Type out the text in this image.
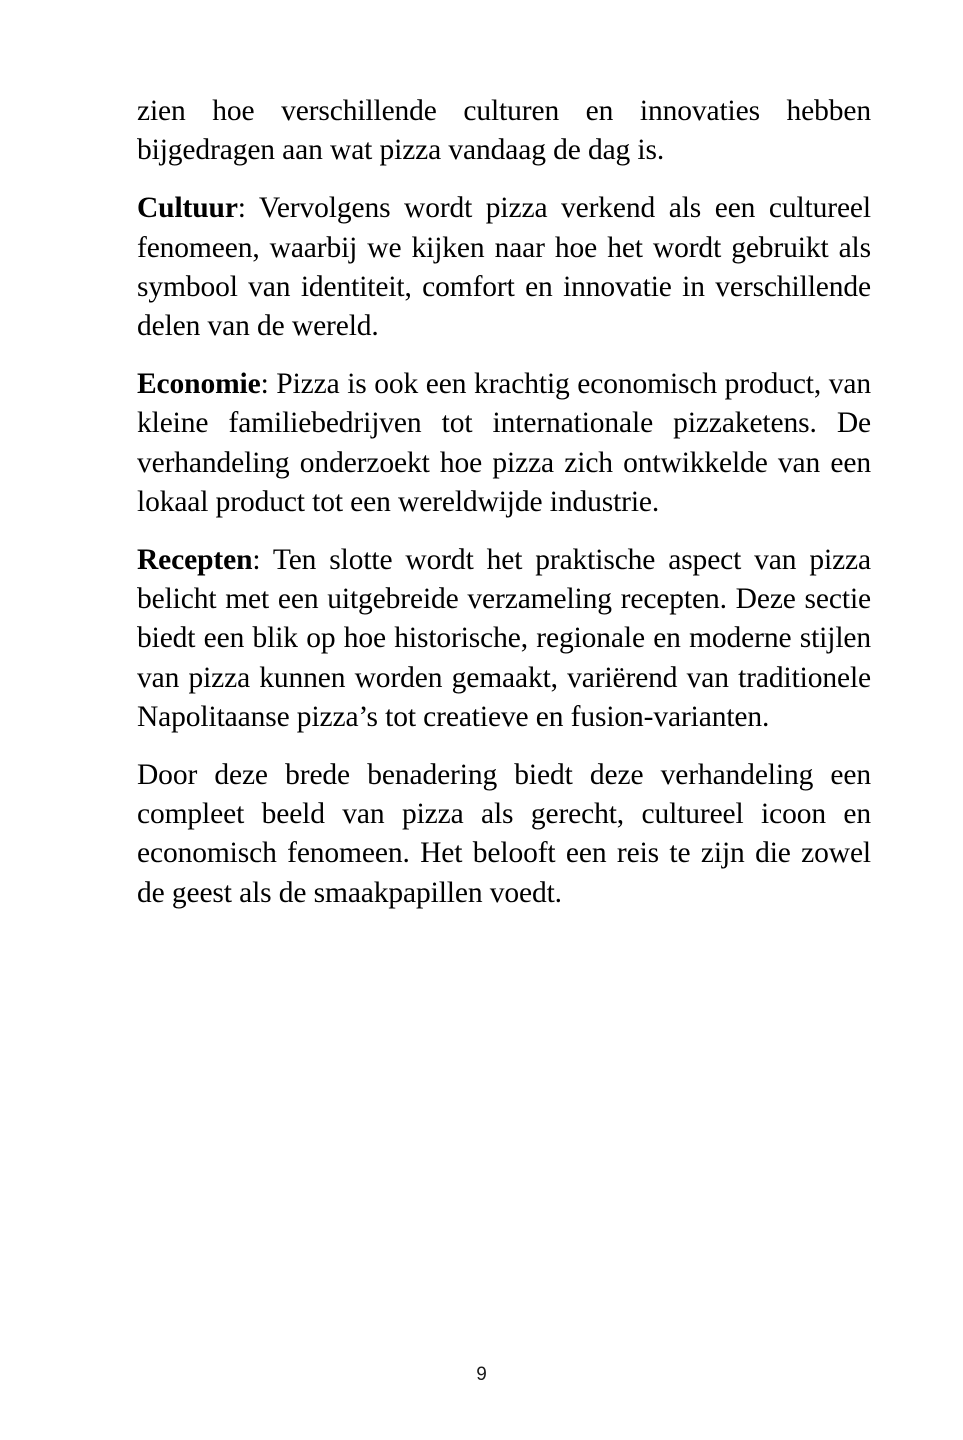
zien hoe verschillende culturen en innovaties hebben bijgedragen aan wat pizza vandaag de dag is.

Cultuur: Vervolgens wordt pizza verkend als een cultureel fenomeen, waarbij we kijken naar hoe het wordt gebruikt als symbool van identiteit, comfort en innovatie in verschillende delen van de wereld.

Economie: Pizza is ook een krachtig economisch product, van kleine familiebedrijven tot internationale pizzaketens. De verhandeling onderzoekt hoe pizza zich ontwikkelde van een lokaal product tot een wereldwijde industrie.

Recepten: Ten slotte wordt het praktische aspect van pizza belicht met een uitgebreide verzameling recepten. Deze sectie biedt een blik op hoe historische, regionale en moderne stijlen van pizza kunnen worden gemaakt, variërend van traditionele Napolitaanse pizza’s tot creatieve en fusion-varianten.

Door deze brede benadering biedt deze verhandeling een compleet beeld van pizza als gerecht, cultureel icoon en economisch fenomeen. Het belooft een reis te zijn die zowel de geest als de smaakpapillen voedt.

9
